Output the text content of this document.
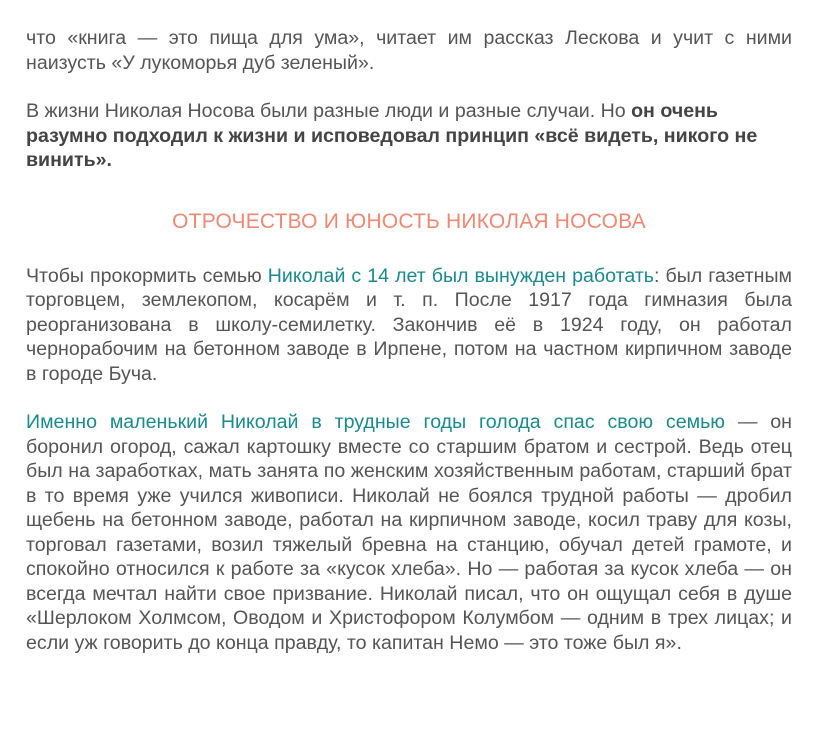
что «книга — это пища для ума», читает им рассказ Лескова и учит с ними наизусть «У лукоморья дуб зеленый».

В жизни Николая Носова были разные люди и разные случаи. Но он очень разумно подходил к жизни и исповедовал принцип «всё видеть, никого не винить».

ОТРОЧЕСТВО И ЮНОСТЬ НИКОЛАЯ НОСОВА

Чтобы прокормить семью Николай с 14 лет был вынужден работать: был газетным торговцем, землекопом, косарём и т. п. После 1917 года гимназия была реорганизована в школу-семилетку. Закончив её в 1924 году, он работал чернорабочим на бетонном заводе в Ирпене, потом на частном кирпичном заводе в городе Буча.

Именно маленький Николай в трудные годы голода спас свою семью — он боронил огород, сажал картошку вместе со старшим братом и сестрой. Ведь отец был на заработках, мать занята по женским хозяйственным работам, старший брат в то время уже учился живописи. Николай не боялся трудной работы — дробил щебень на бетонном заводе, работал на кирпичном заводе, косил траву для козы, торговал газетами, возил тяжелый бревна на станцию, обучал детей грамоте, и спокойно относился к работе за «кусок хлеба». Но — работая за кусок хлеба — он всегда мечтал найти свое призвание. Николай писал, что он ощущал себя в душе «Шерлоком Холмсом, Оводом и Христофором Колумбом — одним в трех лицах; и если уж говорить до конца правду, то капитан Немо — это тоже был я».
